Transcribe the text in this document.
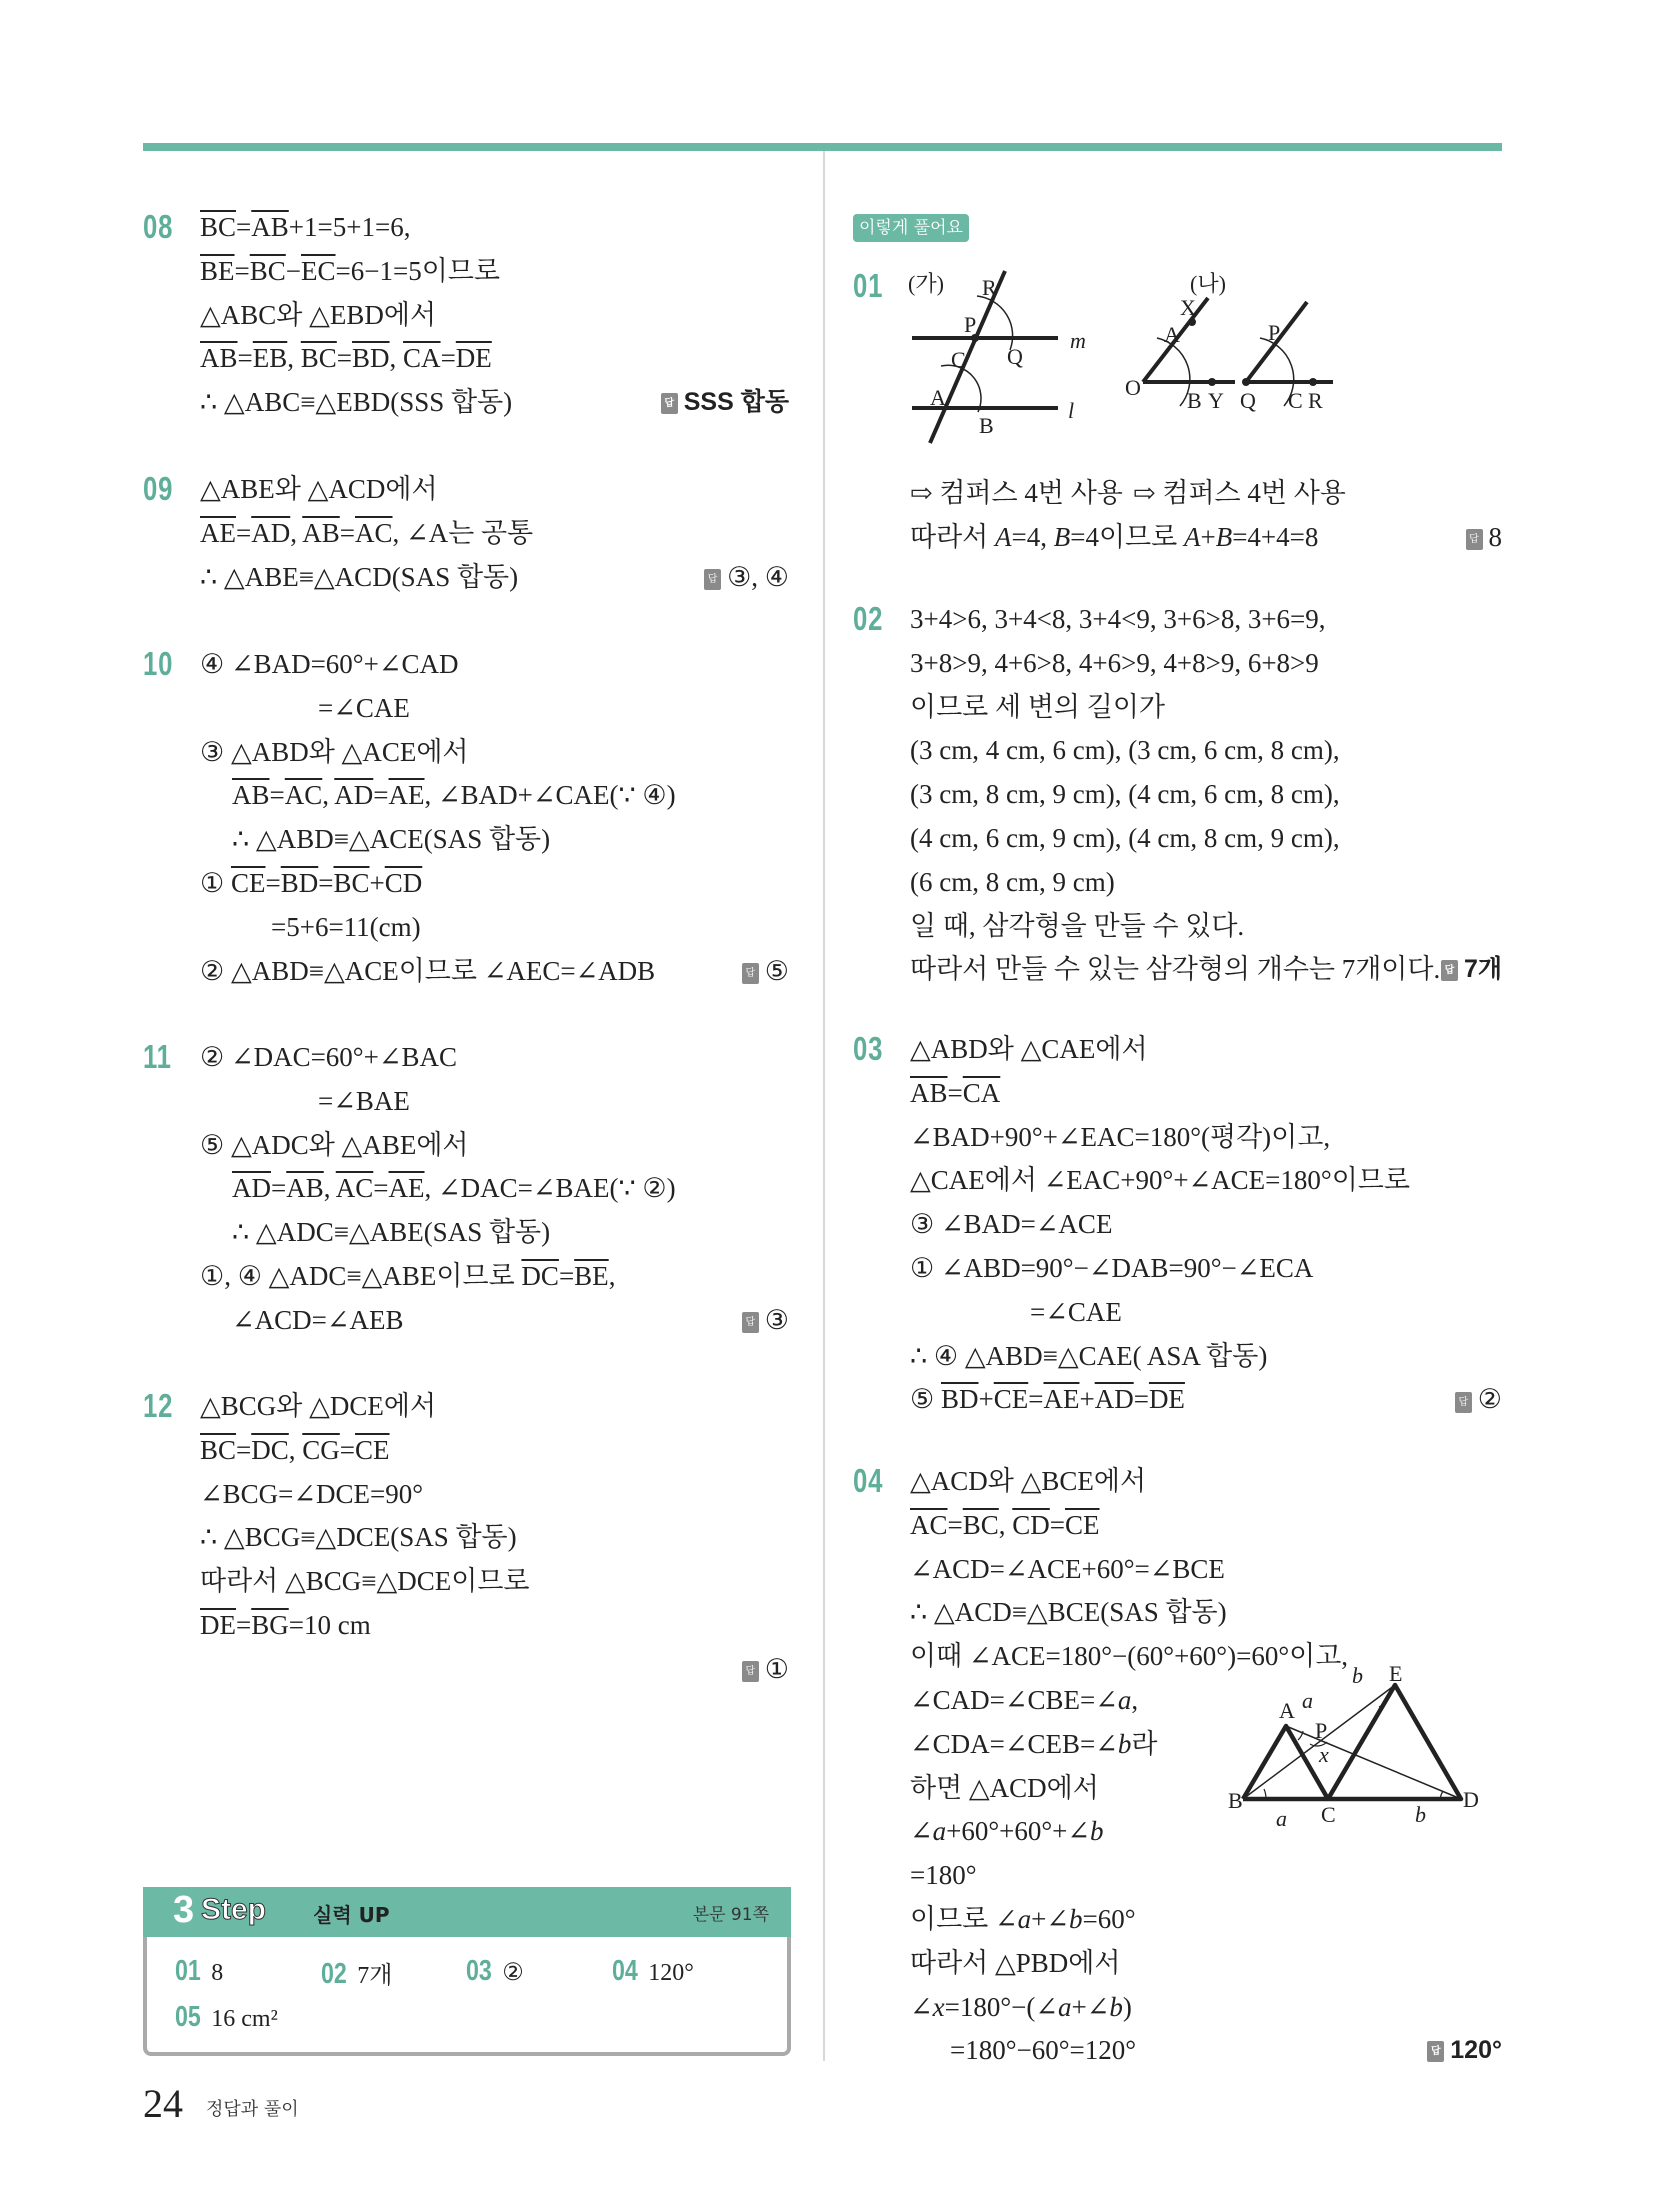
08 $\overline{BC}=\overline{AB}+1=5+1=6$,
$\overline{BE}=\overline{BC}-\overline{EC}=6-1=5$이므로
△ABC와 △EBD에서
$\overline{AB}=\overline{EB}$, $\overline{BC}=\overline{BD}$, $\overline{CA}=\overline{DE}$
∴ △ABC≡△EBD(SSS 합동)	답 SSS 합동
09 △ABE와 △ACD에서
$\overline{AE}=\overline{AD}$, $\overline{AB}=\overline{AC}$, ∠A는 공통
∴ △ABE≡△ACD(SAS 합동)	답 ③, ④
10 ④ ∠BAD=60°+∠CAD
=∠CAE
③ △ABD와 △ACE에서
$\overline{AB}=\overline{AC}$, $\overline{AD}=\overline{AE}$, ∠BAD+∠CAE(∵ ④)
∴ △ABD≡△ACE(SAS 합동)
① $\overline{CE}=\overline{BD}=\overline{BC}+\overline{CD}$
=5+6=11(cm)
② △ABD≡△ACE이므로 ∠AEC=∠ADB	답 ⑤
11 ② ∠DAC=60°+∠BAC
=∠BAE
⑤ △ADC와 △ABE에서
$\overline{AD}=\overline{AB}$, $\overline{AC}=\overline{AE}$, ∠DAC=∠BAE(∵ ②)
∴ △ADC≡△ABE(SAS 합동)
①, ④ △ADC≡△ABE이므로 $\overline{DC}=\overline{BE}$,
∠ACD=∠AEB	답 ③
12 △BCG와 △DCE에서
$\overline{BC}=\overline{DC}$, $\overline{CG}=\overline{CE}$
∠BCG=∠DCE=90°
∴ △BCG≡△DCE(SAS 합동)
따라서 △BCG≡△DCE이므로
$\overline{DE}=\overline{BG}=10$ cm
답 ①
3 Step 실력 UP	본문 91쪽
01 8	02 7개	03 ②	04 120°
05 16 cm²
24 정답과 풀이
이렇게 풀어요
01 (가)	(나)
R
P
Q
C
A
B
m
l
X
A
O
B Y
P
Q C R
⇨ 컴퍼스 4번 사용 ⇨ 컴퍼스 4번 사용
따라서 A=4, B=4이므로 A+B=4+4=8	답 8
02 3+4>6, 3+4<8, 3+4<9, 3+6>8, 3+6=9,
3+8>9, 4+6>8, 4+6>9, 4+8>9, 6+8>9
이므로 세 변의 길이가
(3 cm, 4 cm, 6 cm), (3 cm, 6 cm, 8 cm),
(3 cm, 8 cm, 9 cm), (4 cm, 6 cm, 8 cm),
(4 cm, 6 cm, 9 cm), (4 cm, 8 cm, 9 cm),
(6 cm, 8 cm, 9 cm)
일 때, 삼각형을 만들 수 있다.
따라서 만들 수 있는 삼각형의 개수는 7개이다. 답 7개
03 △ABD와 △CAE에서
$\overline{AB}=\overline{CA}$
∠BAD+90°+∠EAC=180°(평각)이고,
△CAE에서 ∠EAC+90°+∠ACE=180°이므로
③ ∠BAD=∠ACE
① ∠ABD=90°−∠DAB=90°−∠ECA
=∠CAE
∴ ④ △ABD≡△CAE( ASA 합동)
⑤ $\overline{BD}+\overline{CE}=\overline{AE}+\overline{AD}=\overline{DE}$	답 ②
04 △ACD와 △BCE에서
$\overline{AC}=\overline{BC}$, $\overline{CD}=\overline{CE}$
∠ACD=∠ACE+60°=∠BCE
∴ △ACD≡△BCE(SAS 합동)
이때 ∠ACE=180°−(60°+60°)=60°이고,
∠CAD=∠CBE=∠a,
∠CDA=∠CEB=∠b라
하면 △ACD에서
∠a+60°+60°+∠b
=180°
이므로 ∠a+∠b=60°
따라서 △PBD에서
∠x=180°−(∠a+∠b)
=180°−60°=120°	답 120°
B
A
P
E
D
C
a
a
b
b
x
